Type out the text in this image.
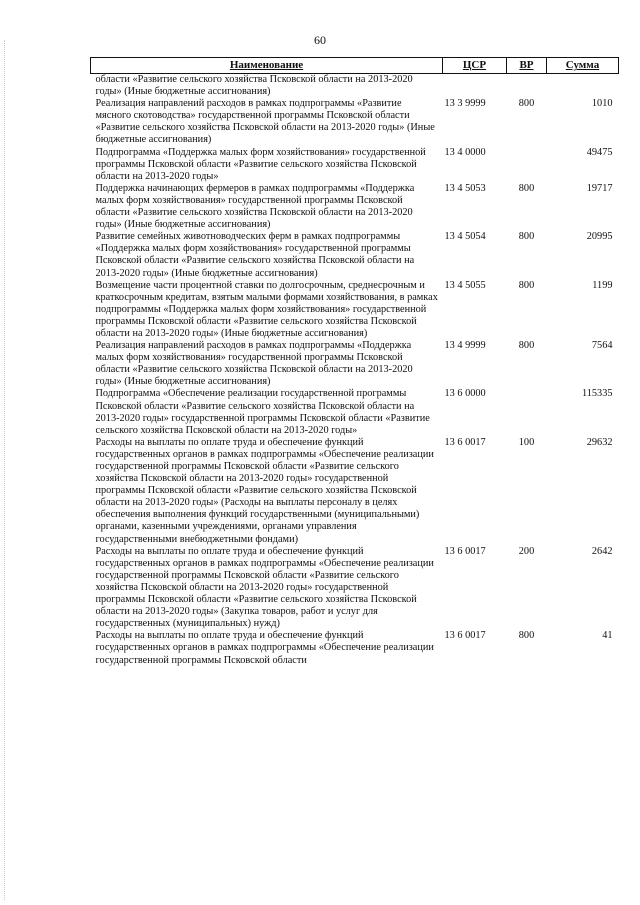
60
Наименование	ЦСР	ВР	Сумма
области «Развитие сельского хозяйства Псковской области на 2013-2020 годы» (Иные бюджетные ассигнования)			
Реализация направлений расходов в рамках подпрограммы «Развитие мясного скотоводства» государственной программы Псковской области «Развитие сельского хозяйства Псковской области на 2013-2020 годы» (Иные бюджетные ассигнования)	13 3 9999	800	1010
Подпрограмма «Поддержка малых форм хозяйствования» государственной программы Псковской области «Развитие сельского хозяйства Псковской области на 2013-2020 годы»	13 4 0000		49475
Поддержка начинающих фермеров в рамках подпрограммы «Поддержка малых форм хозяйствования» государственной программы Псковской области «Развитие сельского хозяйства Псковской области на 2013-2020 годы» (Иные бюджетные ассигнования)	13 4 5053	800	19717
Развитие семейных животноводческих ферм в рамках подпрограммы «Поддержка малых форм хозяйствования» государственной программы Псковской области «Развитие сельского хозяйства Псковской области на 2013-2020 годы» (Иные бюджетные ассигнования)	13 4 5054	800	20995
Возмещение части процентной ставки по долгосрочным, среднесрочным и краткосрочным кредитам, взятым малыми формами хозяйствования, в рамках подпрограммы «Поддержка малых форм хозяйствования» государственной программы Псковской области «Развитие сельского хозяйства Псковской области на 2013-2020 годы» (Иные бюджетные ассигнования)	13 4 5055	800	1199
Реализация направлений расходов в рамках подпрограммы «Поддержка малых форм хозяйствования» государственной программы Псковской области «Развитие сельского хозяйства Псковской области на 2013-2020 годы» (Иные бюджетные ассигнования)	13 4 9999	800	7564
Подпрограмма «Обеспечение реализации государственной программы Псковской области «Развитие сельского хозяйства Псковской области на 2013-2020 годы» государственной программы Псковской области «Развитие сельского хозяйства Псковской области на 2013-2020 годы»	13 6 0000		115335
Расходы на выплаты по оплате труда и обеспечение функций государственных органов в рамках подпрограммы «Обеспечение реализации государственной программы Псковской области «Развитие сельского хозяйства Псковской области на 2013-2020 годы» государственной программы Псковской области «Развитие сельского хозяйства Псковской области на 2013-2020 годы» (Расходы на выплаты персоналу в целях обеспечения выполнения функций государственными (муниципальными) органами, казенными учреждениями, органами управления государственными внебюджетными фондами)	13 6 0017	100	29632
Расходы на выплаты по оплате труда и обеспечение функций государственных органов в рамках подпрограммы «Обеспечение реализации государственной программы Псковской области «Развитие сельского хозяйства Псковской области на 2013-2020 годы» государственной программы Псковской области «Развитие сельского хозяйства Псковской области на 2013-2020 годы» (Закупка товаров, работ и услуг для государственных (муниципальных) нужд)	13 6 0017	200	2642
Расходы на выплаты по оплате труда и обеспечение функций государственных органов в рамках подпрограммы «Обеспечение реализации государственной программы Псковской области	13 6 0017	800	41
